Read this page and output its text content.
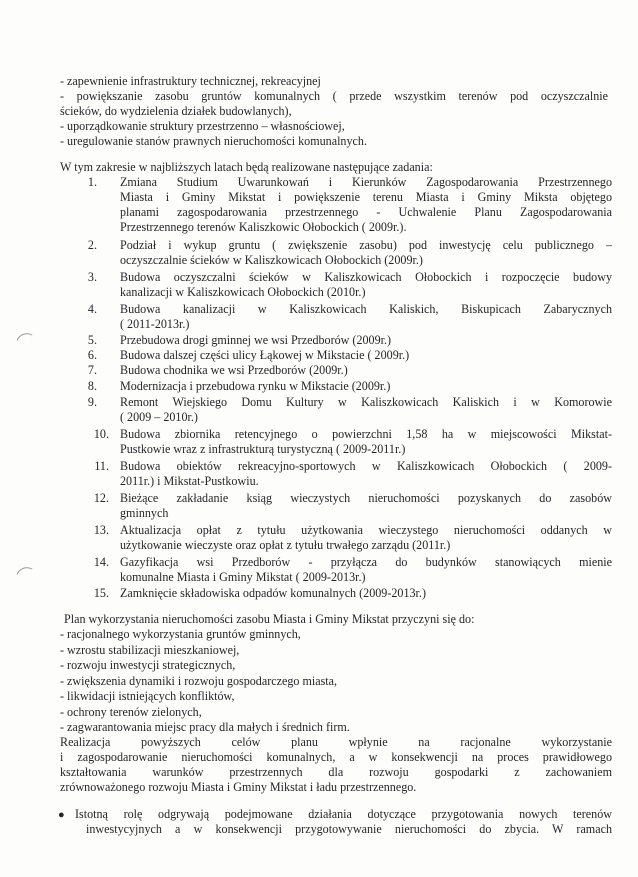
- zapewnienie infrastruktury technicznej, rekreacyjnej
- powiększanie zasobu gruntów komunalnych ( przede wszystkim terenów pod oczyszczalnie
ścieków, do wydzielenia działek budowlanych),
- uporządkowanie struktury przestrzenno – własnościowej,
- uregulowanie stanów prawnych nieruchomości komunalnych.
W tym zakresie w najbliższych latach będą realizowane następujące zadania:
1. Zmiana Studium Uwarunkowań i Kierunków Zagospodarowania Przestrzennego
Miasta i Gminy Mikstat i powiększenie terenu Miasta i Gminy Miksta objętego
planami zagospodarowania przestrzennego - Uchwalenie Planu Zagospodarowania
Przestrzennego terenów Kaliszkowic Ołobockich ( 2009r.).
2. Podział i wykup gruntu ( zwiększenie zasobu) pod inwestycję celu publicznego –
oczyszczalnie ścieków w Kaliszkowicach Ołobockich (2009r.)
3. Budowa oczyszczalni ścieków w Kaliszkowicach Ołobockich i rozpoczęcie budowy
kanalizacji w Kaliszkowicach Ołobockich (2010r.)
4. Budowa kanalizacji w Kaliszkowicach Kaliskich, Biskupicach Zabarycznych
( 2011-2013r.)
5. Przebudowa drogi gminnej we wsi Przedborów (2009r.)
6. Budowa dalszej części ulicy Łąkowej w Mikstacie ( 2009r.)
7. Budowa chodnika we wsi Przedborów (2009r.)
8. Modernizacja i przebudowa rynku w Mikstacie (2009r.)
9. Remont Wiejskiego Domu Kultury w Kaliszkowicach Kaliskich i w Komorowie
( 2009 – 2010r.)
10. Budowa zbiornika retencyjnego o powierzchni 1,58 ha w miejscowości Mikstat-
Pustkowie wraz z infrastrukturą turystyczną ( 2009-2011r.)
11. Budowa obiektów rekreacyjno-sportowych w Kaliszkowicach Ołobockich ( 2009-
2011r.) i Mikstat-Pustkowiu.
12. Bieżące zakładanie ksiąg wieczystych nieruchomości pozyskanych do zasobów
gminnych
13. Aktualizacja opłat z tytułu użytkowania wieczystego nieruchomości oddanych w
użytkowanie wieczyste oraz opłat z tytułu trwałego zarządu (2011r.)
14. Gazyfikacja wsi Przedborów - przyłącza do budynków stanowiących mienie
komunalne Miasta i Gminy Mikstat ( 2009-2013r.)
15. Zamknięcie składowiska odpadów komunalnych (2009-2013r.)
Plan wykorzystania nieruchomości zasobu Miasta i Gminy Mikstat przyczyni się do:
- racjonalnego wykorzystania gruntów gminnych,
- wzrostu stabilizacji mieszkaniowej,
- rozwoju inwestycji strategicznych,
- zwiększenia dynamiki i rozwoju gospodarczego miasta,
- likwidacji istniejących konfliktów,
- ochrony terenów zielonych,
- zagwarantowania miejsc pracy dla małych i średnich firm.
Realizacja powyższych celów planu wpłynie na racjonalne wykorzystanie
i zagospodarowanie nieruchomości komunalnych, a w konsekwencji na proces prawidłowego
kształtowania warunków przestrzennych dla rozwoju gospodarki z zachowaniem
zrównoważonego rozwoju Miasta i Gminy Mikstat i ładu przestrzennego.
● Istotną rolę odgrywają podejmowane działania dotyczące przygotowania nowych terenów
inwestycyjnych a w konsekwencji przygotowywanie nieruchomości do zbycia. W ramach
